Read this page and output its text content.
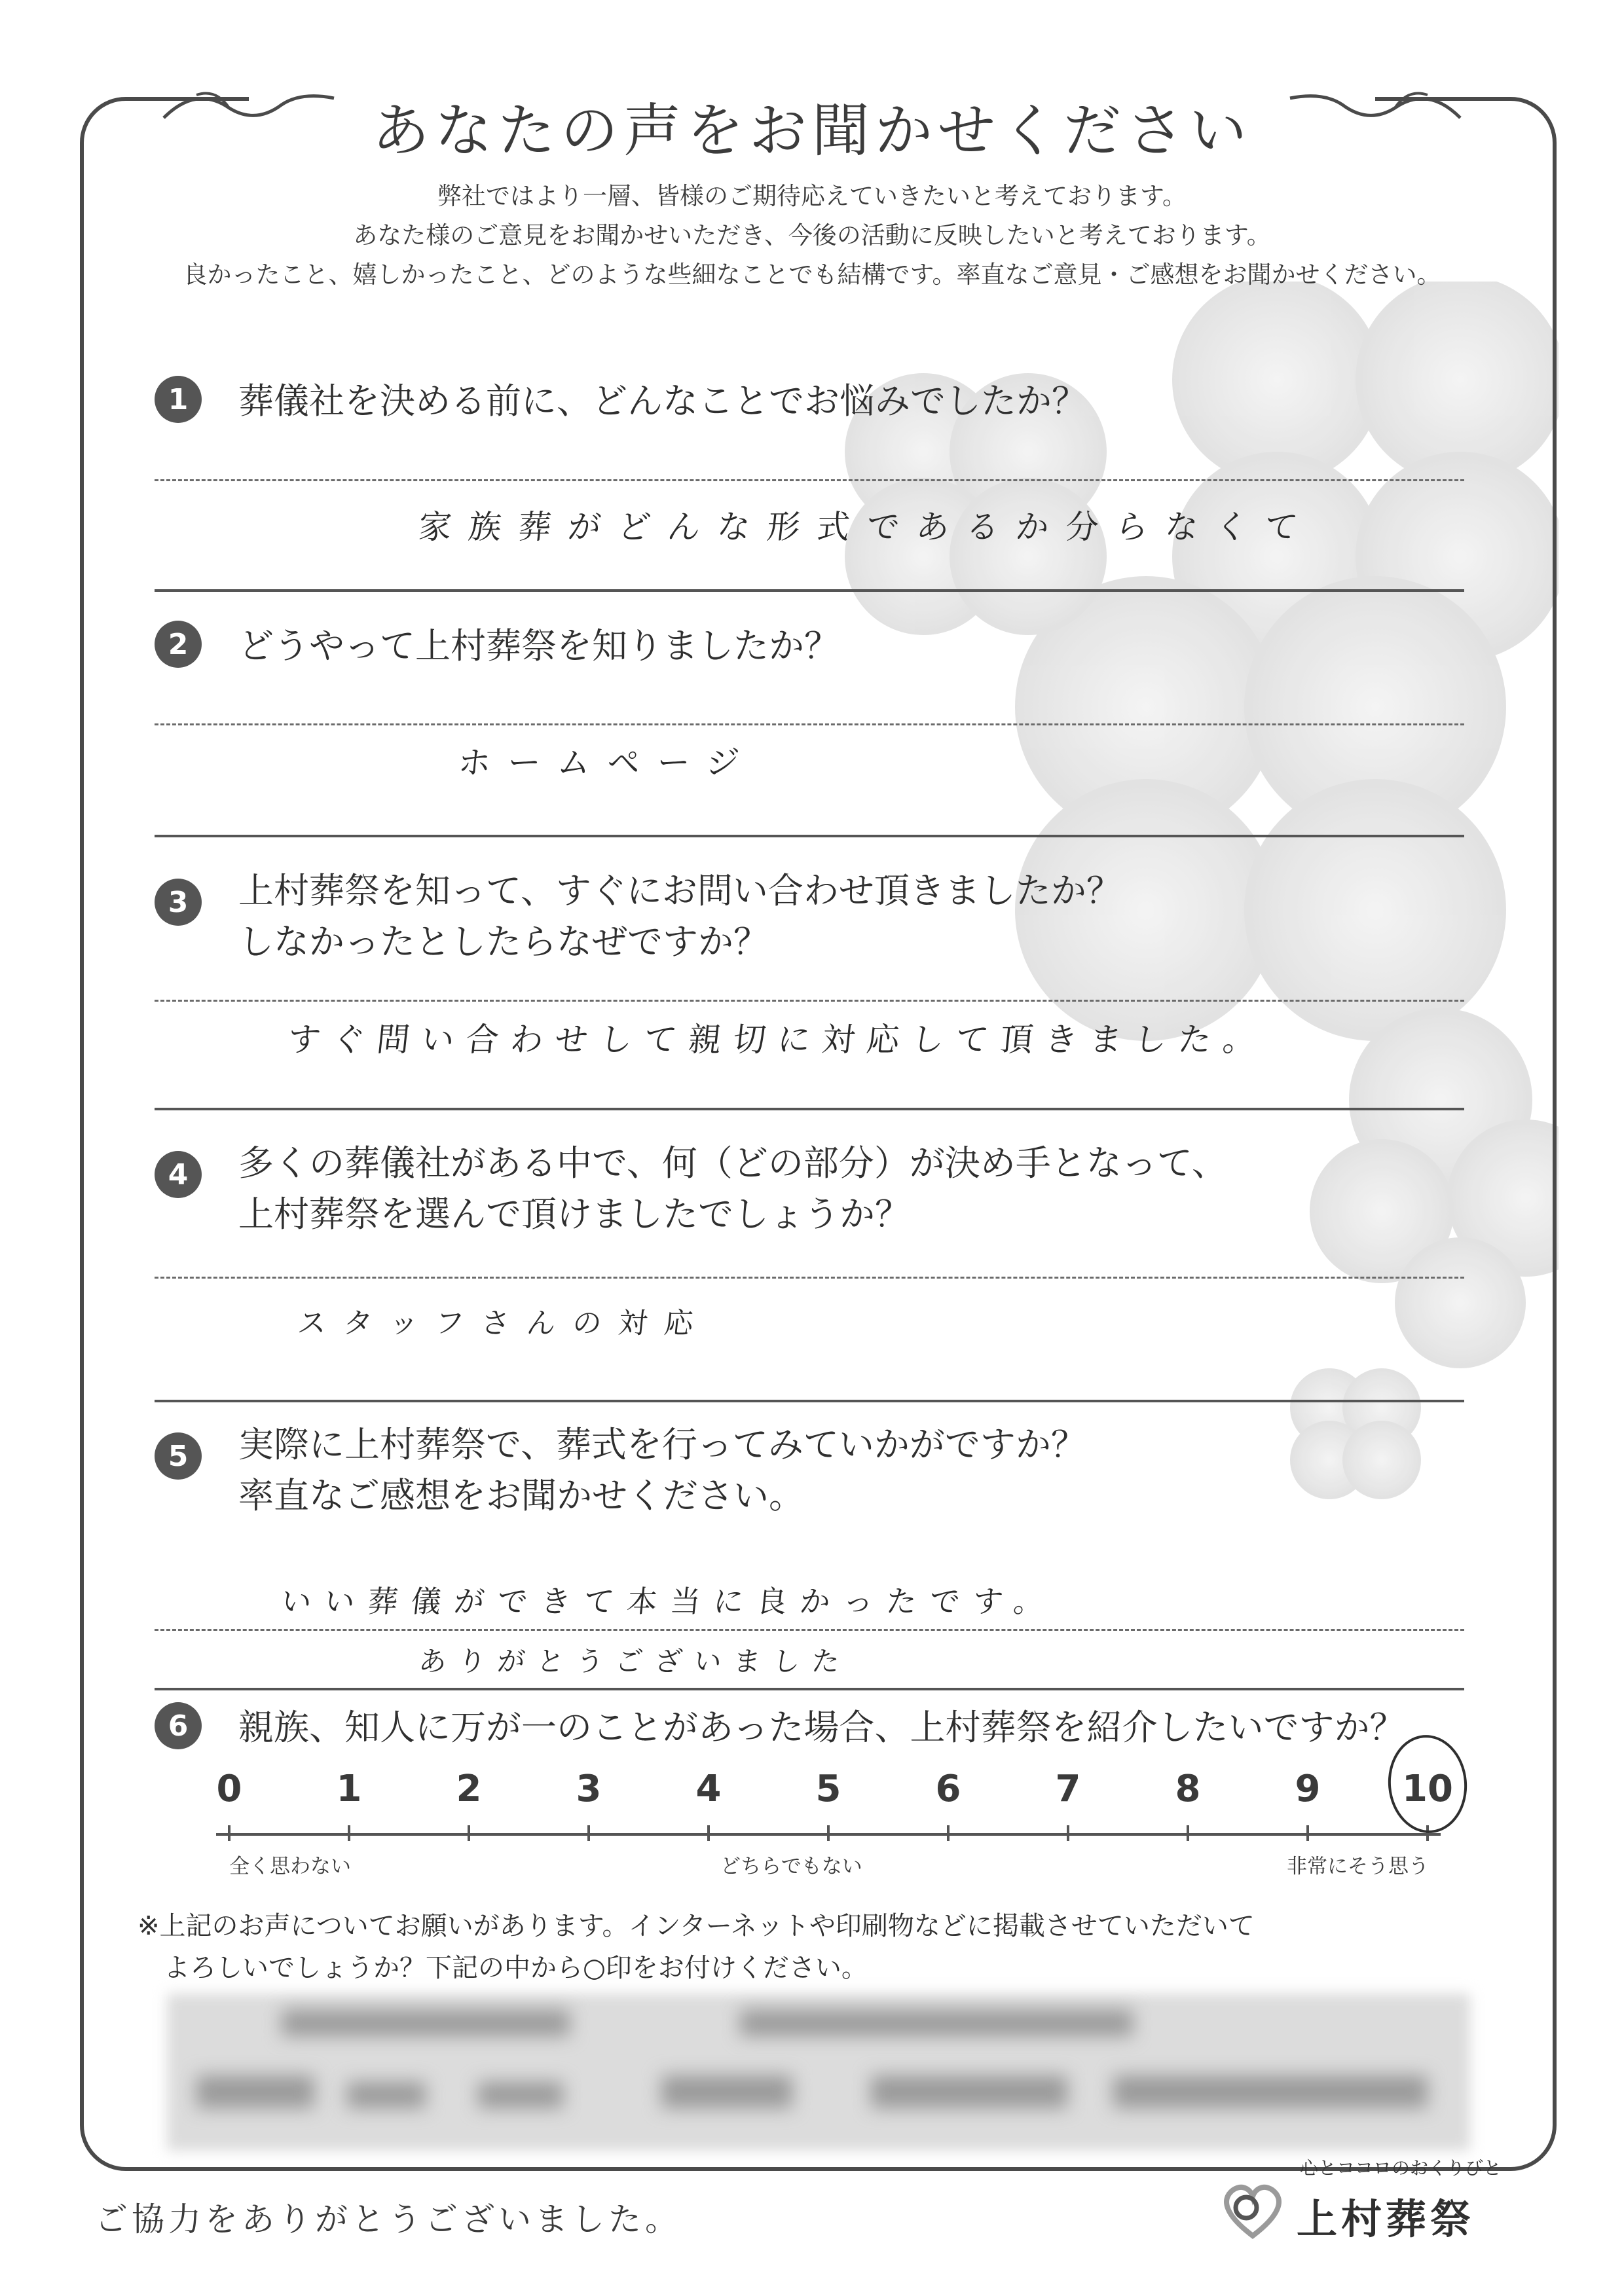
あなたの声をお聞かせください

弊社ではより一層、皆様のご期待応えていきたいと考えております。

あなた様のご意見をお聞かせいただき、今後の活動に反映したいと考えております。

良かったこと、嬉しかったこと、どのような些細なことでも結構です。率直なご意見・ご感想をお聞かせください。

1	葬儀社を決める前に、どんなことでお悩みでしたか？
家族葬がどんな形式であるか分らなくて
2	どうやって上村葬祭を知りましたか？
ホームページ
3	上村葬祭を知って、すぐにお問い合わせ頂きましたか？
しなかったとしたらなぜですか？
すぐ問い合わせして親切に対応して頂きました。
4	多くの葬儀社がある中で、何（どの部分）が決め手となって、
上村葬祭を選んで頂けましたでしょうか？
スタッフさんの対応
5	実際に上村葬祭で、葬式を行ってみていかがですか？
率直なご感想をお聞かせください。
いい葬儀ができて本当に良かったです。
ありがとうございました
6	親族、知人に万が一のことがあった場合、上村葬祭を紹介したいですか？
0	1	2	3	4	5	6	7	8	9 10
全く思わない	どちらでもない	非常にそう思う
※上記のお声についてお願いがあります。インターネットや印刷物などに掲載させていただいて
　よろしいでしょうか？下記の中から○印をお付けください。
ご協力をありがとうございました。
心とココロのおくりびと
上村葬祭
